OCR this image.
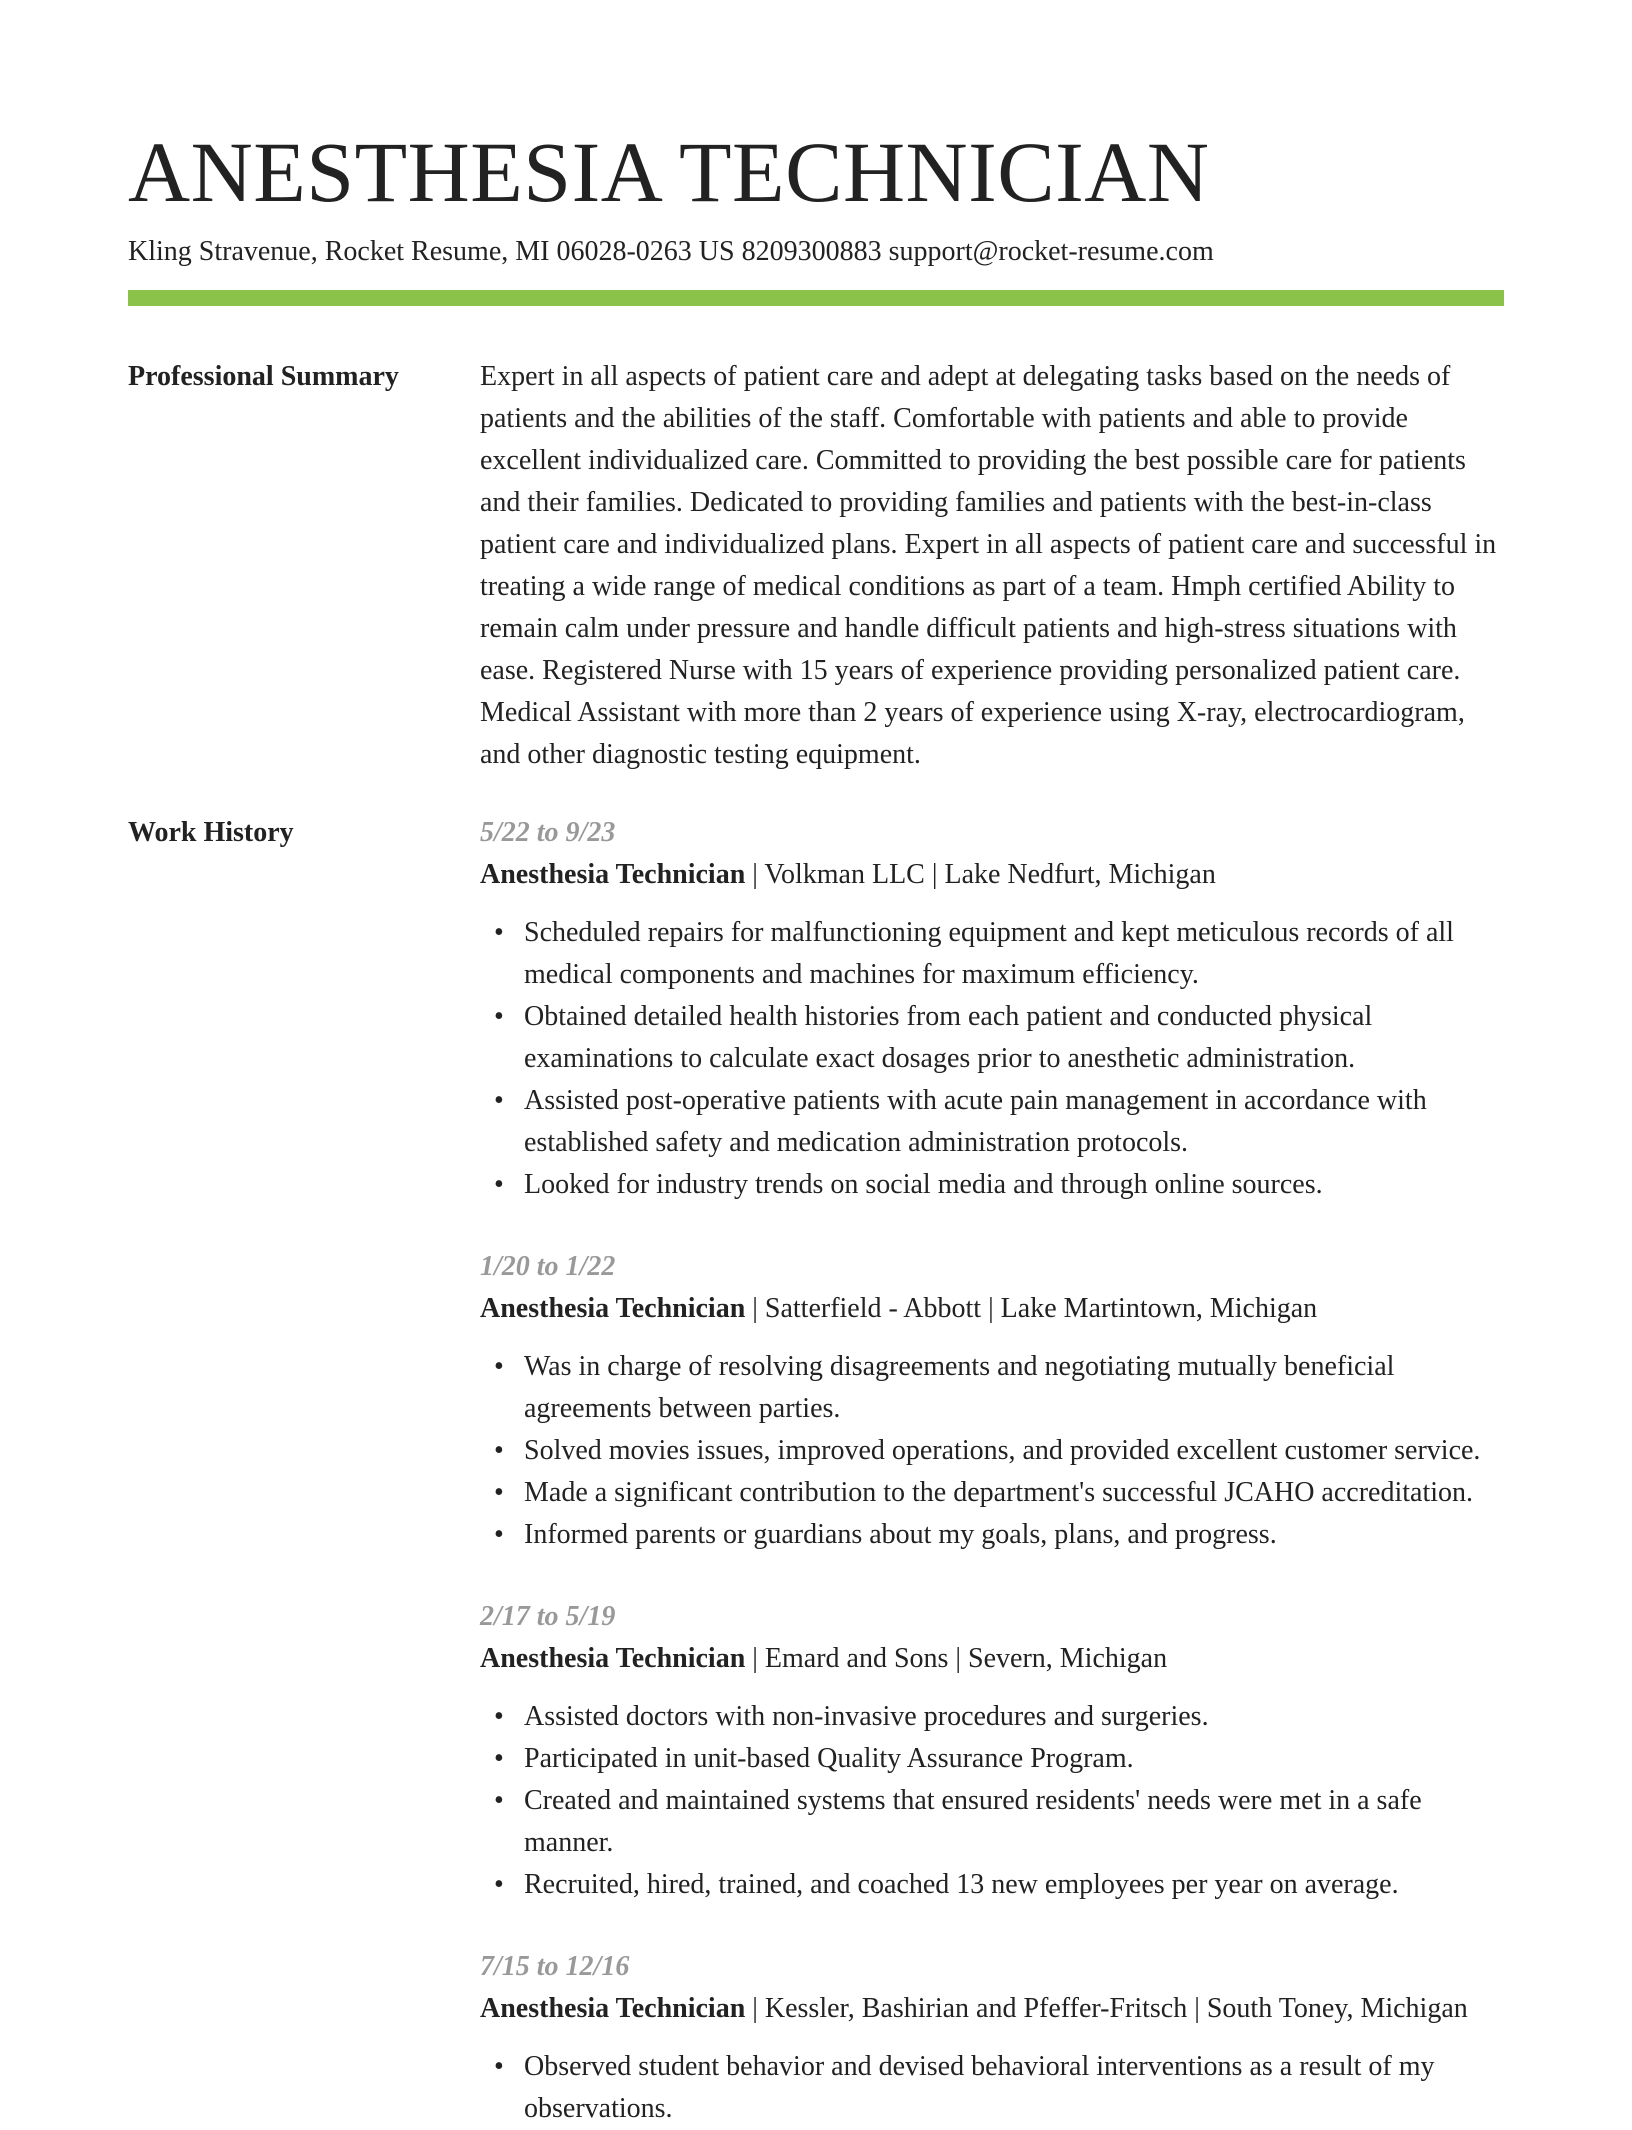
ANESTHESIA TECHNICIAN
Kling Stravenue, Rocket Resume, MI 06028-0263 US 8209300883 support@rocket-resume.com
Professional Summary	Expert in all aspects of patient care and adept at delegating tasks based on the needs of patients and the abilities of the staff. Comfortable with patients and able to provide excellent individualized care. Committed to providing the best possible care for patients and their families. Dedicated to providing families and patients with the best-in-class patient care and individualized plans. Expert in all aspects of patient care and successful in treating a wide range of medical conditions as part of a team. Hmph certified Ability to remain calm under pressure and handle difficult patients and high-stress situations with ease. Registered Nurse with 15 years of experience providing personalized patient care. Medical Assistant with more than 2 years of experience using X-ray, electrocardiogram, and other diagnostic testing equipment.

Work History	5/22 to 9/23
Anesthesia Technician | Volkman LLC | Lake Nedfurt, Michigan
• Scheduled repairs for malfunctioning equipment and kept meticulous records of all medical components and machines for maximum efficiency.
• Obtained detailed health histories from each patient and conducted physical examinations to calculate exact dosages prior to anesthetic administration.
• Assisted post-operative patients with acute pain management in accordance with established safety and medication administration protocols.
• Looked for industry trends on social media and through online sources.
1/20 to 1/22
Anesthesia Technician | Satterfield - Abbott | Lake Martintown, Michigan
• Was in charge of resolving disagreements and negotiating mutually beneficial agreements between parties.
• Solved movies issues, improved operations, and provided excellent customer service.
• Made a significant contribution to the department's successful JCAHO accreditation.
• Informed parents or guardians about my goals, plans, and progress.
2/17 to 5/19
Anesthesia Technician | Emard and Sons | Severn, Michigan
• Assisted doctors with non-invasive procedures and surgeries.
• Participated in unit-based Quality Assurance Program.
• Created and maintained systems that ensured residents' needs were met in a safe manner.
• Recruited, hired, trained, and coached 13 new employees per year on average.
7/15 to 12/16
Anesthesia Technician | Kessler, Bashirian and Pfeffer-Fritsch | South Toney, Michigan
• Observed student behavior and devised behavioral interventions as a result of my observations.
